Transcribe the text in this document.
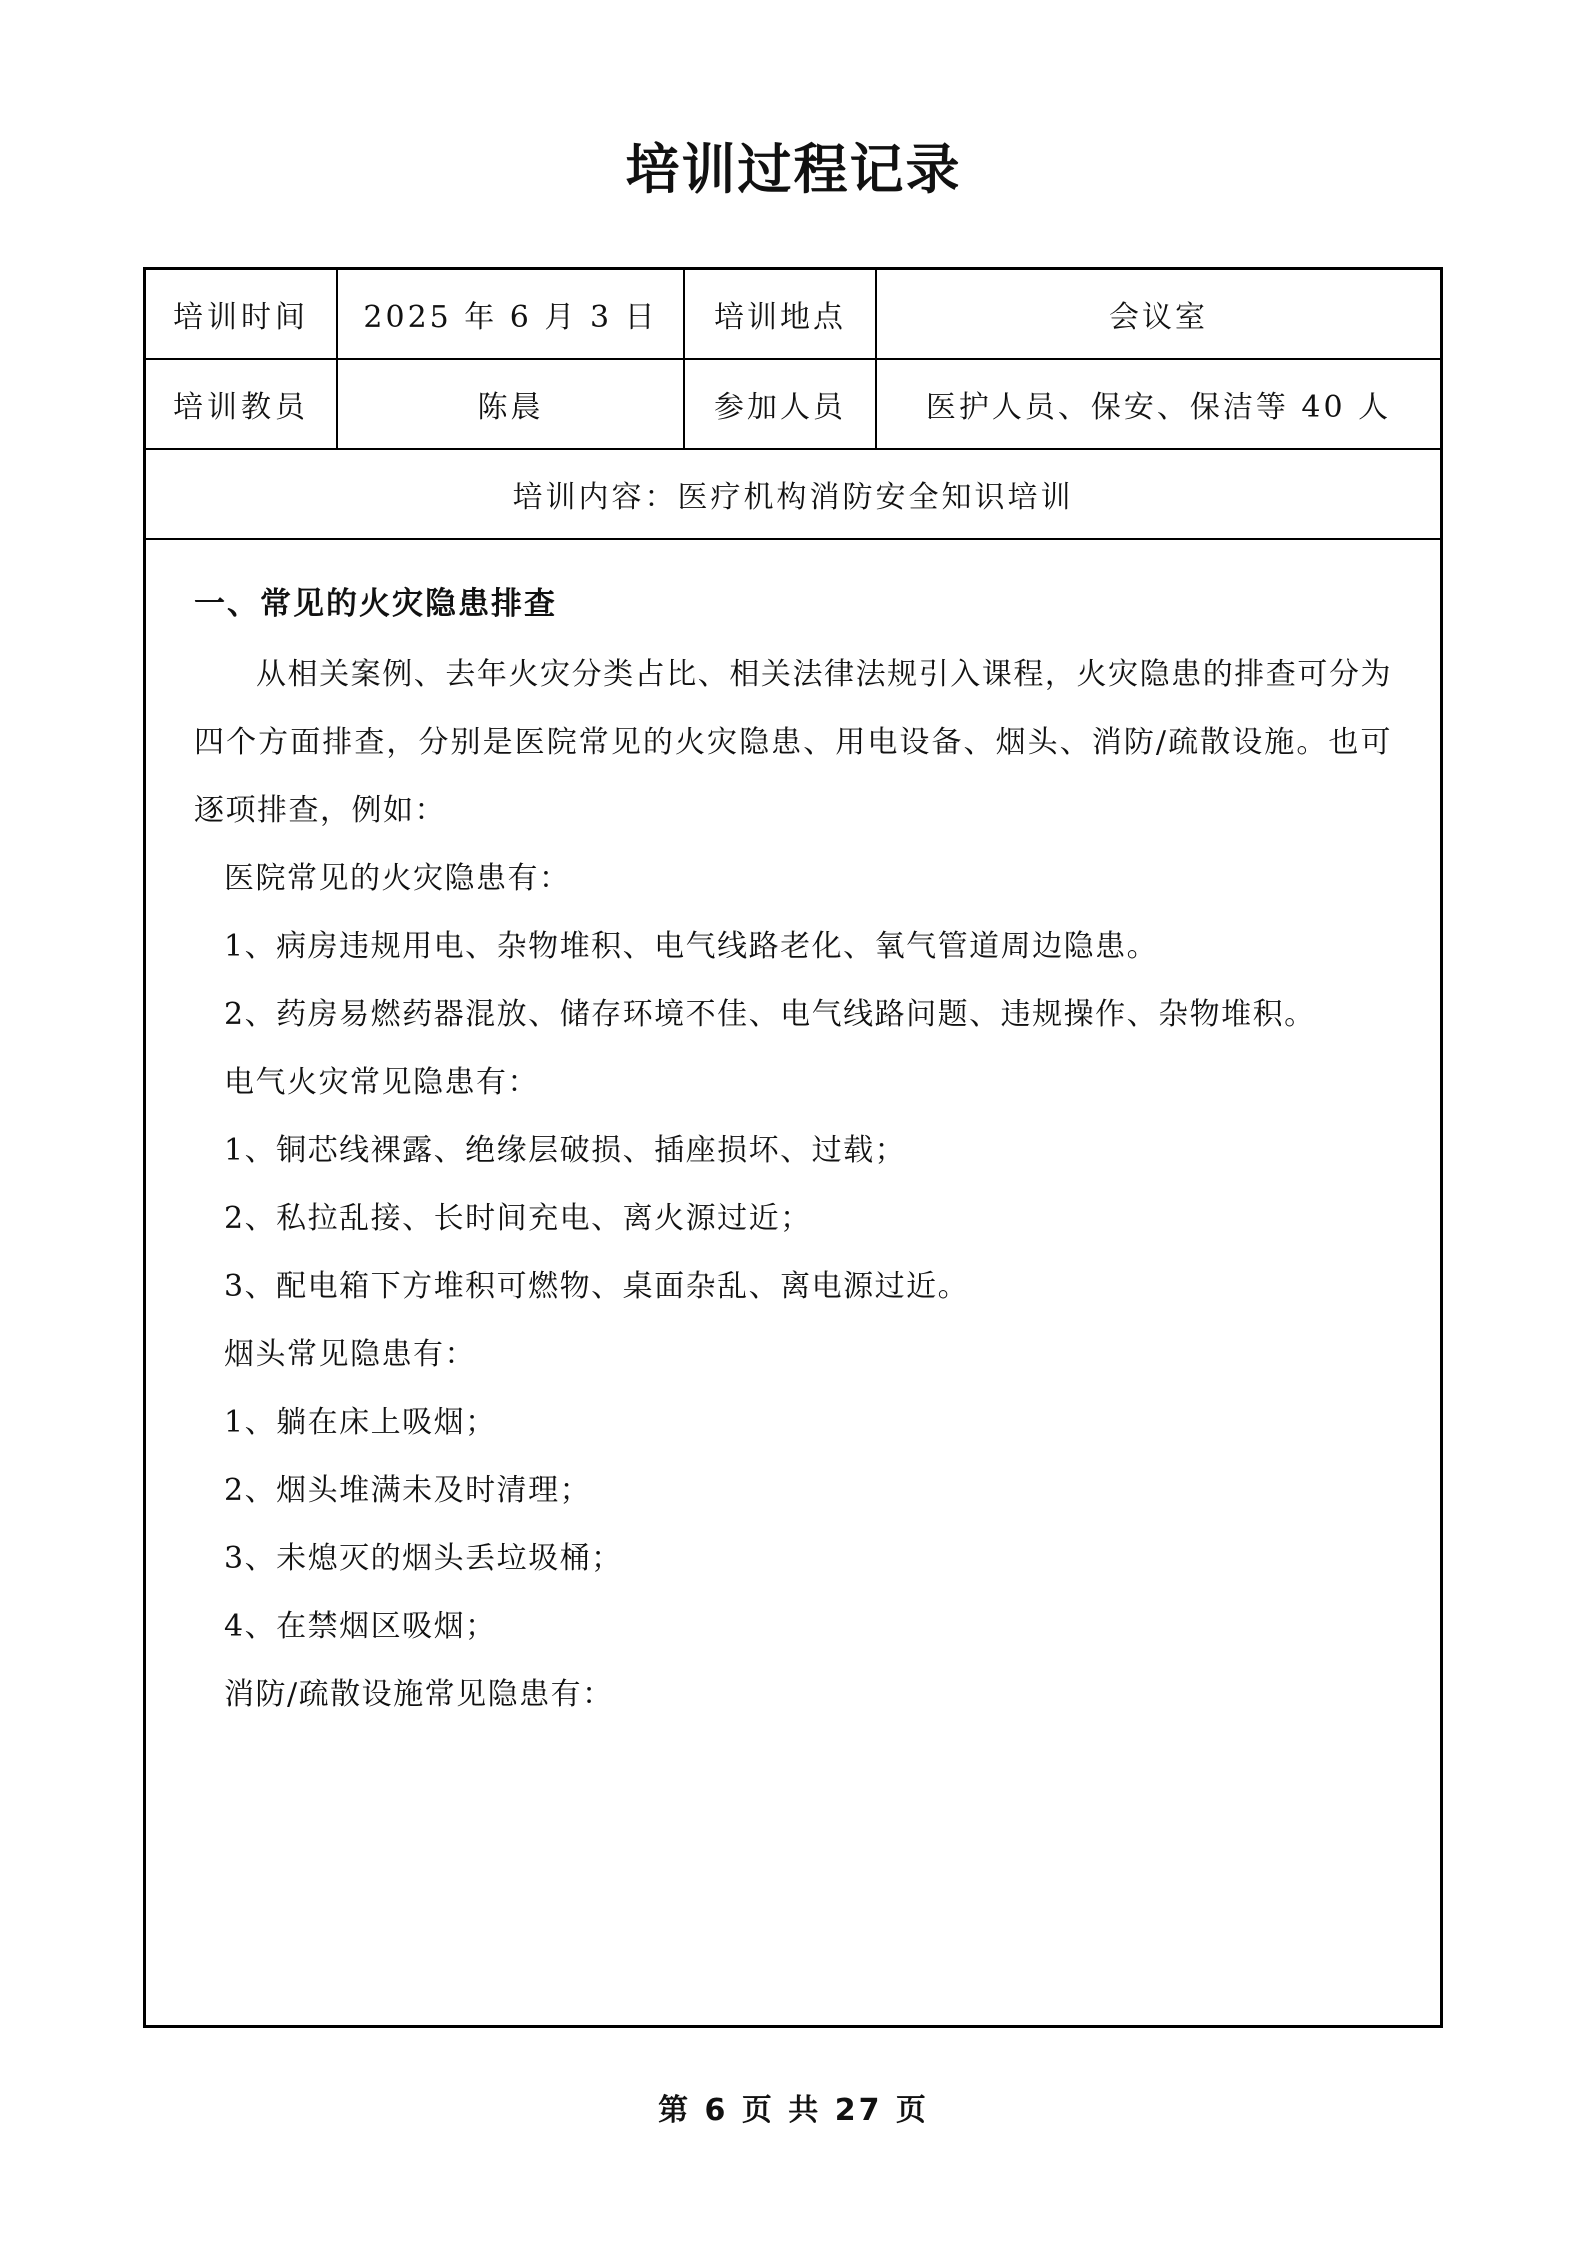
培训过程记录
培训时间	2025 年 6 月 3 日	培训地点	会议室
培训教员	陈晨	参加人员	医护人员、保安、保洁等 40 人
培训内容：医疗机构消防安全知识培训			
一、常见的火灾隐患排查

从相关案例、去年火灾分类占比、相关法律法规引入课程，火灾隐患的排查可分为四个方面排查，分别是医院常见的火灾隐患、用电设备、烟头、消防/疏散设施。也可逐项排查，例如：

医院常见的火灾隐患有：

1、病房违规用电、杂物堆积、电气线路老化、氧气管道周边隐患。

2、药房易燃药器混放、储存环境不佳、电气线路问题、违规操作、杂物堆积。

电气火灾常见隐患有：

1、铜芯线裸露、绝缘层破损、插座损坏、过载；

2、私拉乱接、长时间充电、离火源过近；

3、配电箱下方堆积可燃物、桌面杂乱、离电源过近。

烟头常见隐患有：

1、躺在床上吸烟；

2、烟头堆满未及时清理；

3、未熄灭的烟头丢垃圾桶；

4、在禁烟区吸烟；

消防/疏散设施常见隐患有：

第 6 页 共 27 页
